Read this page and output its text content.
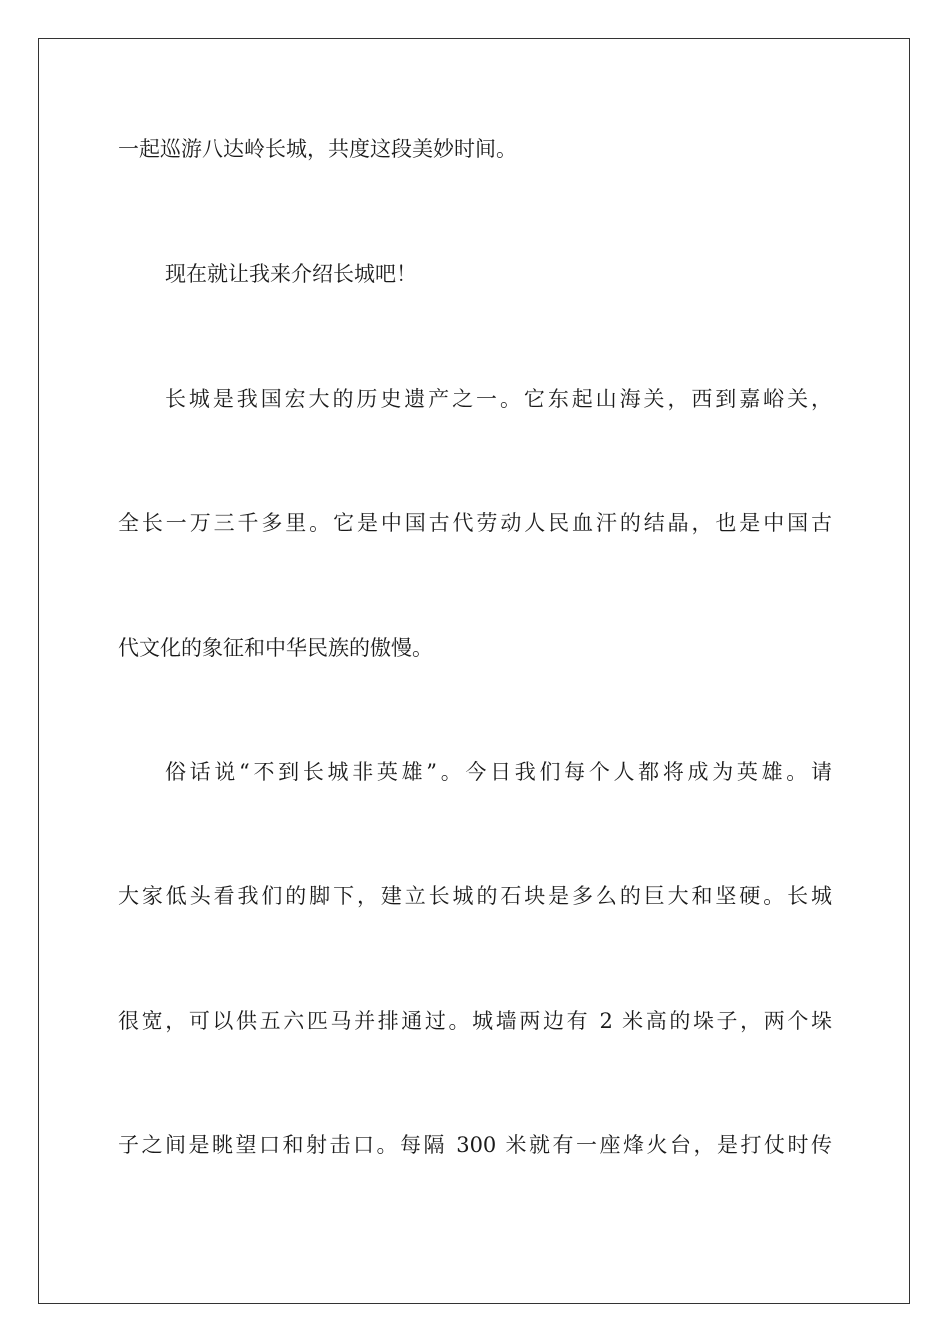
一起巡游八达岭长城，共度这段美妙时间。

现在就让我来介绍长城吧！

长城是我国宏大的历史遗产之一。它东起山海关，西到嘉峪关，

全长一万三千多里。它是中国古代劳动人民血汗的结晶，也是中国古

代文化的象征和中华民族的傲慢。

俗话说“不到长城非英雄”。今日我们每个人都将成为英雄。请

大家低头看我们的脚下，建立长城的石块是多么的巨大和坚硬。长城

很宽，可以供五六匹马并排通过。城墙两边有 2 米高的垛子，两个垛

子之间是眺望口和射击口。每隔 300 米就有一座烽火台，是打仗时传
